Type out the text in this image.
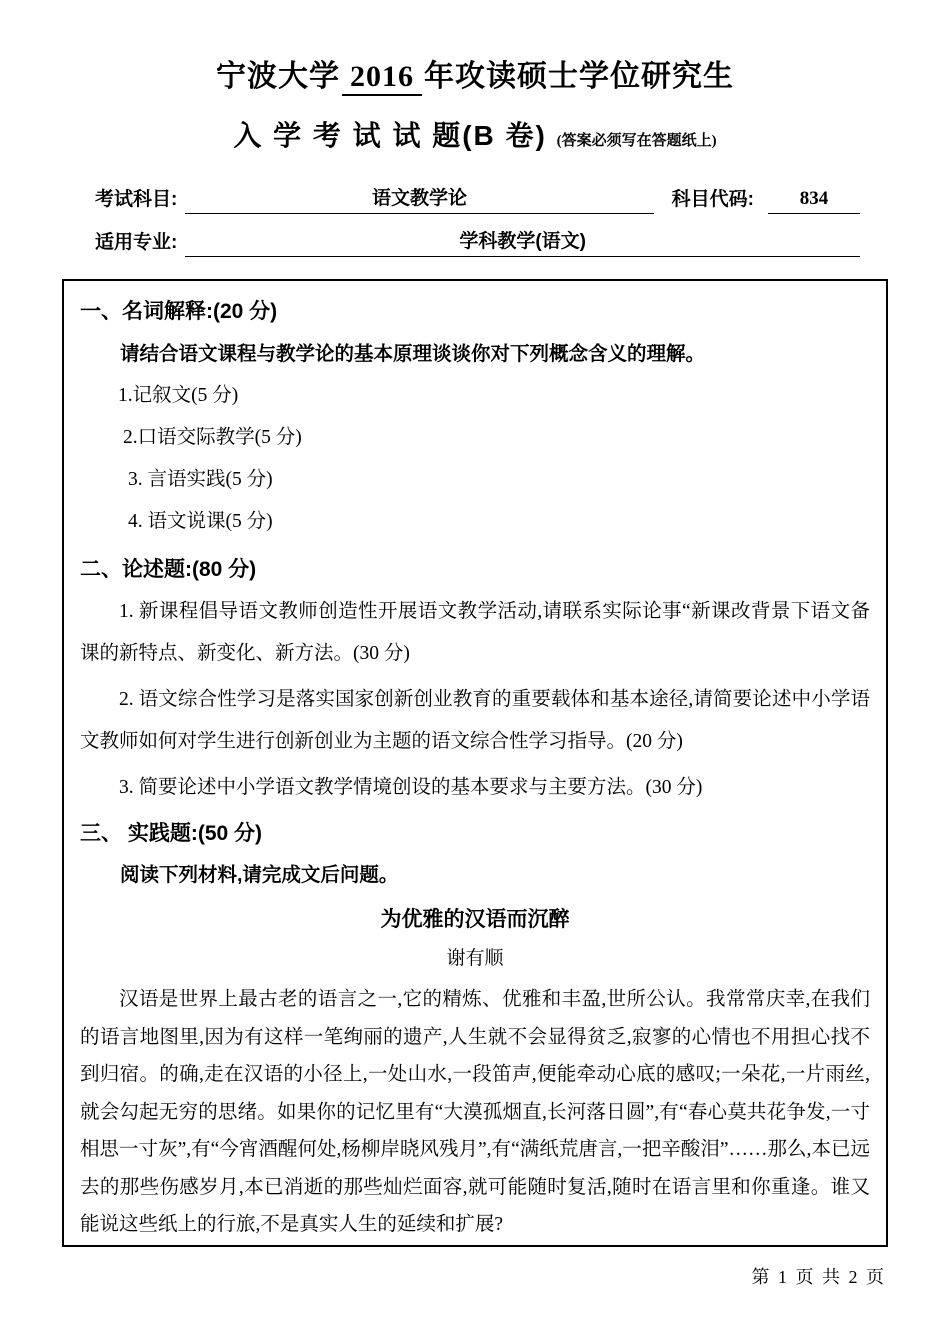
宁波大学 2016 年攻读硕士学位研究生
入 学 考 试 试 题(B 卷) (答案必须写在答题纸上)
考试科目:	语文教学论	科目代码:	834
适用专业:	学科教学(语文)
一、名词解释:(20 分)
请结合语文课程与教学论的基本原理谈谈你对下列概念含义的理解。
1.记叙文(5 分)
2.口语交际教学(5 分)
3. 言语实践(5 分)
4. 语文说课(5 分)
二、论述题:(80 分)
1. 新课程倡导语文教师创造性开展语文教学活动,请联系实际论事“新课改背景下语文备课的新特点、新变化、新方法。(30 分)
2. 语文综合性学习是落实国家创新创业教育的重要载体和基本途径,请简要论述中小学语文教师如何对学生进行创新创业为主题的语文综合性学习指导。(20 分)
3. 简要论述中小学语文教学情境创设的基本要求与主要方法。(30 分)
三、 实践题:(50 分)
阅读下列材料,请完成文后问题。
为优雅的汉语而沉醉
谢有顺
汉语是世界上最古老的语言之一,它的精炼、优雅和丰盈,世所公认。我常常庆幸,在我们的语言地图里,因为有这样一笔绚丽的遗产,人生就不会显得贫乏,寂寥的心情也不用担心找不到归宿。的确,走在汉语的小径上,一处山水,一段笛声,便能牵动心底的感叹;一朵花,一片雨丝,就会勾起无穷的思绪。如果你的记忆里有“大漠孤烟直,长河落日圆”,有“春心莫共花争发,一寸相思一寸灰”,有“今宵酒醒何处,杨柳岸晓风残月”,有“满纸荒唐言,一把辛酸泪”……那么,本已远去的那些伤感岁月,本已消逝的那些灿烂面容,就可能随时复活,随时在语言里和你重逢。谁又能说这些纸上的行旅,不是真实人生的延续和扩展?
第 1 页 共 2 页
